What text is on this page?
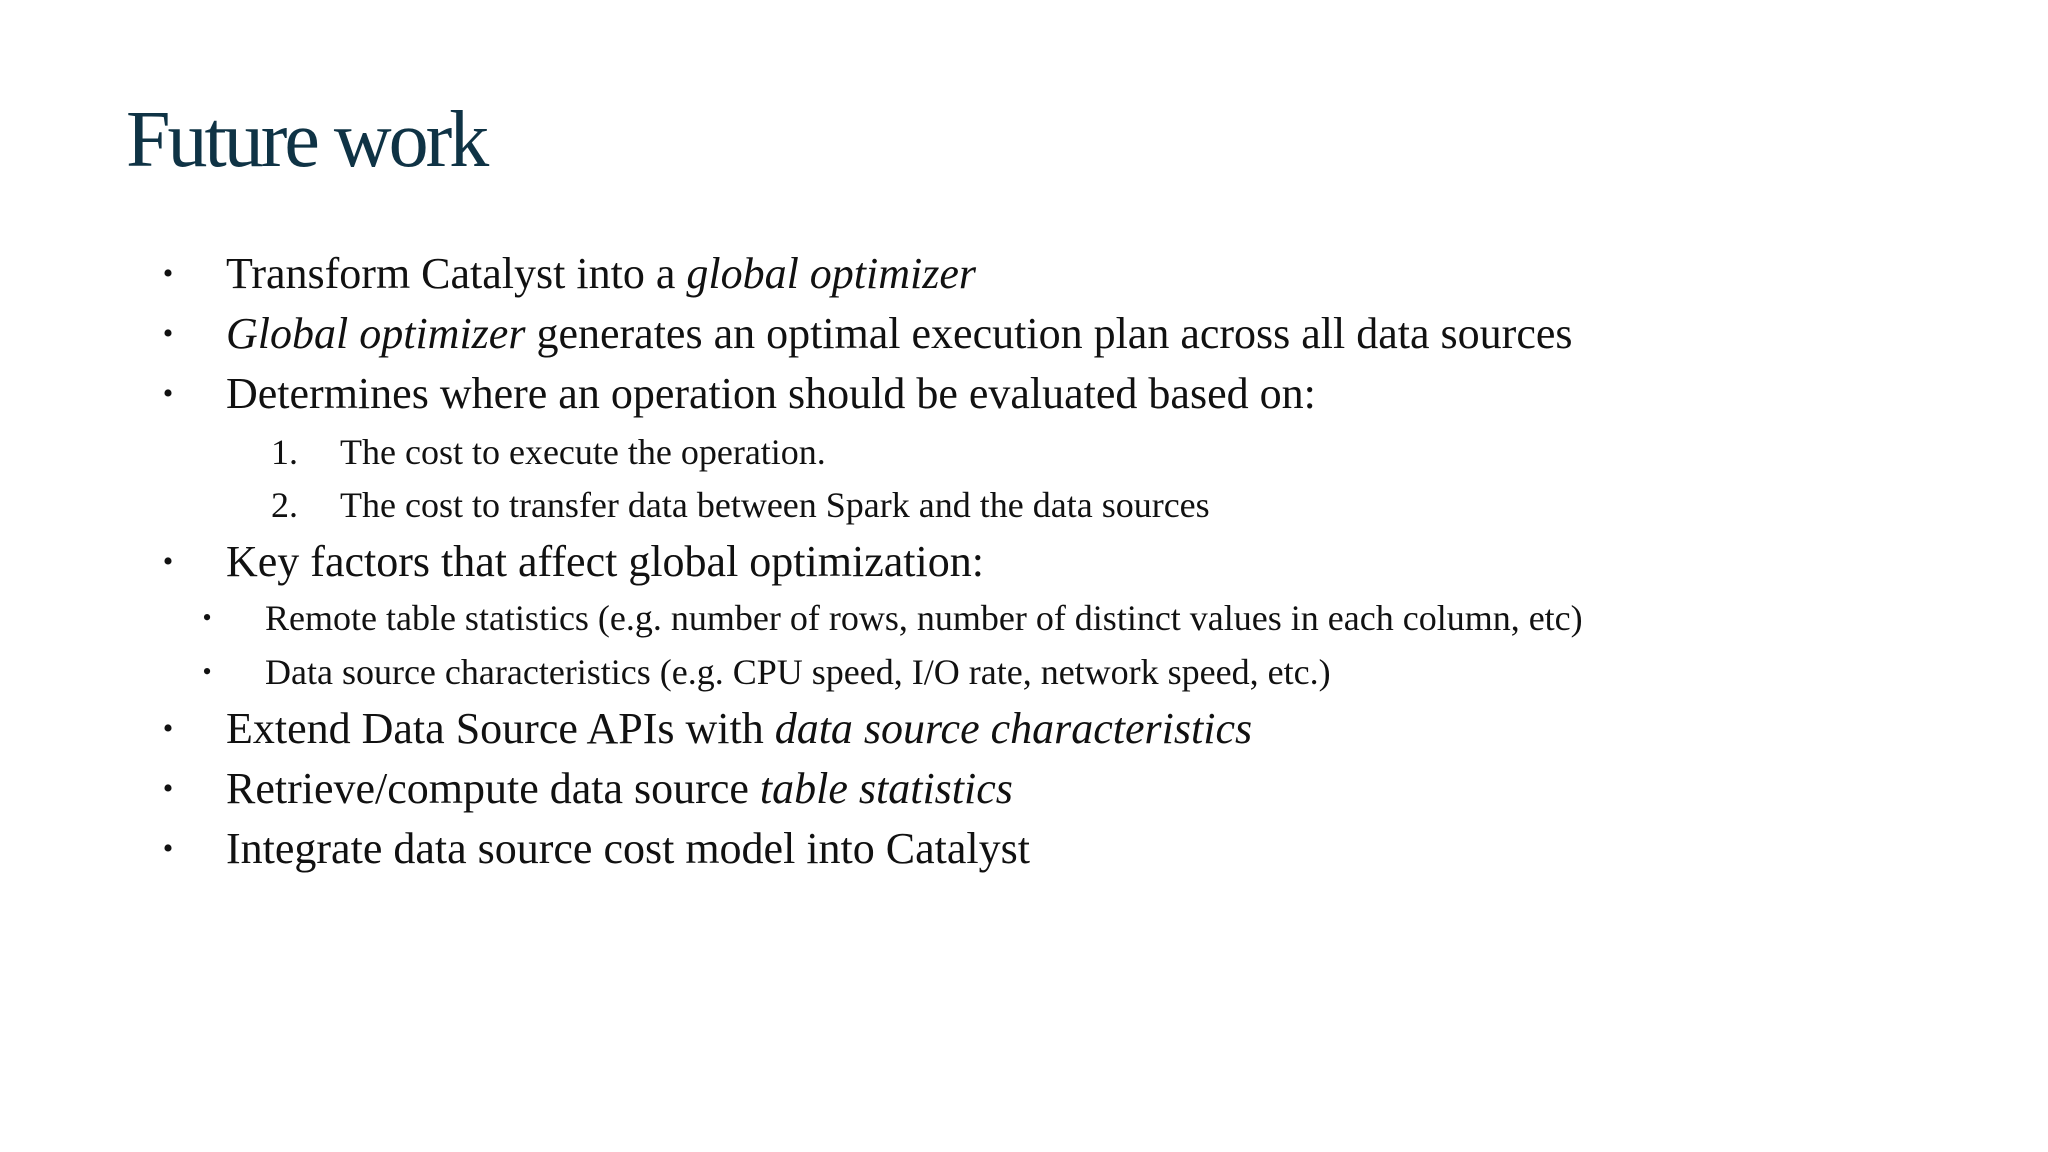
Future work
• Transform Catalyst into a global optimizer
• Global optimizer generates an optimal execution plan across all data sources
• Determines where an operation should be evaluated based on:
1. The cost to execute the operation.
2. The cost to transfer data between Spark and the data sources
• Key factors that affect global optimization:
• Remote table statistics (e.g. number of rows, number of distinct values in each column, etc)
• Data source characteristics (e.g. CPU speed, I/O rate, network speed, etc.)
• Extend Data Source APIs with data source characteristics
• Retrieve/compute data source table statistics
• Integrate data source cost model into Catalyst
